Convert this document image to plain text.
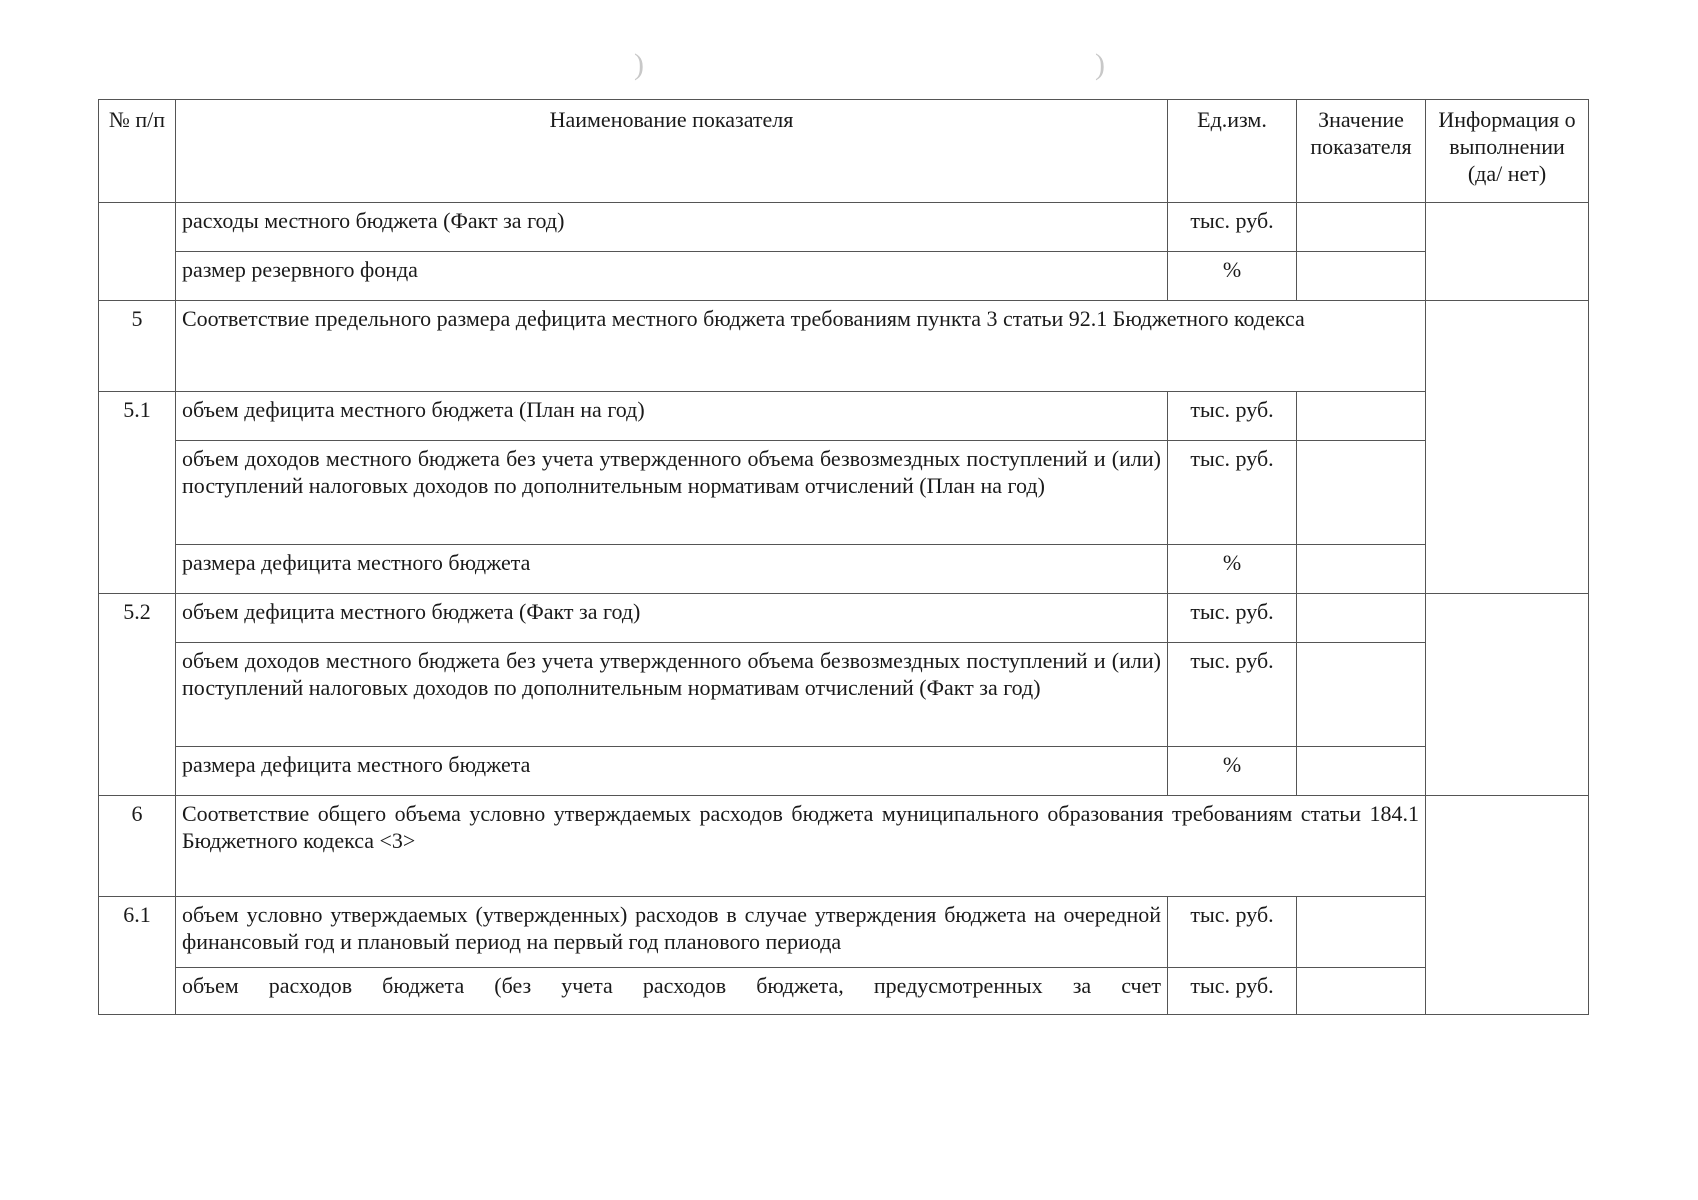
)	)
№ п/п	Наименование показателя	Ед.изм.	Значение показателя	Информация о выполнении (да/ нет)
	расходы местного бюджета (Факт за год)	тыс. руб.		
	размер резервного фонда	%		
5	Соответствие предельного размера дефицита местного бюджета требованиям пункта 3 статьи 92.1 Бюджетного кодекса			
5.1	объем дефицита местного бюджета (План на год)	тыс. руб.		
	объем доходов местного бюджета без учета утвержденного объема безвозмездных поступлений и (или) поступлений налоговых доходов по дополнительным нормативам отчислений (План на год)	тыс. руб.		
	размера дефицита местного бюджета	%		
5.2	объем дефицита местного бюджета (Факт за год)	тыс. руб.		
	объем доходов местного бюджета без учета утвержденного объема безвозмездных поступлений и (или) поступлений налоговых доходов по дополнительным нормативам отчислений (Факт за год)	тыс. руб.		
	размера дефицита местного бюджета	%		
6	Соответствие общего объема условно утверждаемых расходов бюджета муниципального образования требованиям статьи 184.1 Бюджетного кодекса <3>			
6.1	объем условно утверждаемых (утвержденных) расходов в случае утверждения бюджета на очередной финансовый год и плановый период на первый год планового периода	тыс. руб.		
	объем расходов бюджета (без учета расходов бюджета, предусмотренных за счет	тыс. руб.		
